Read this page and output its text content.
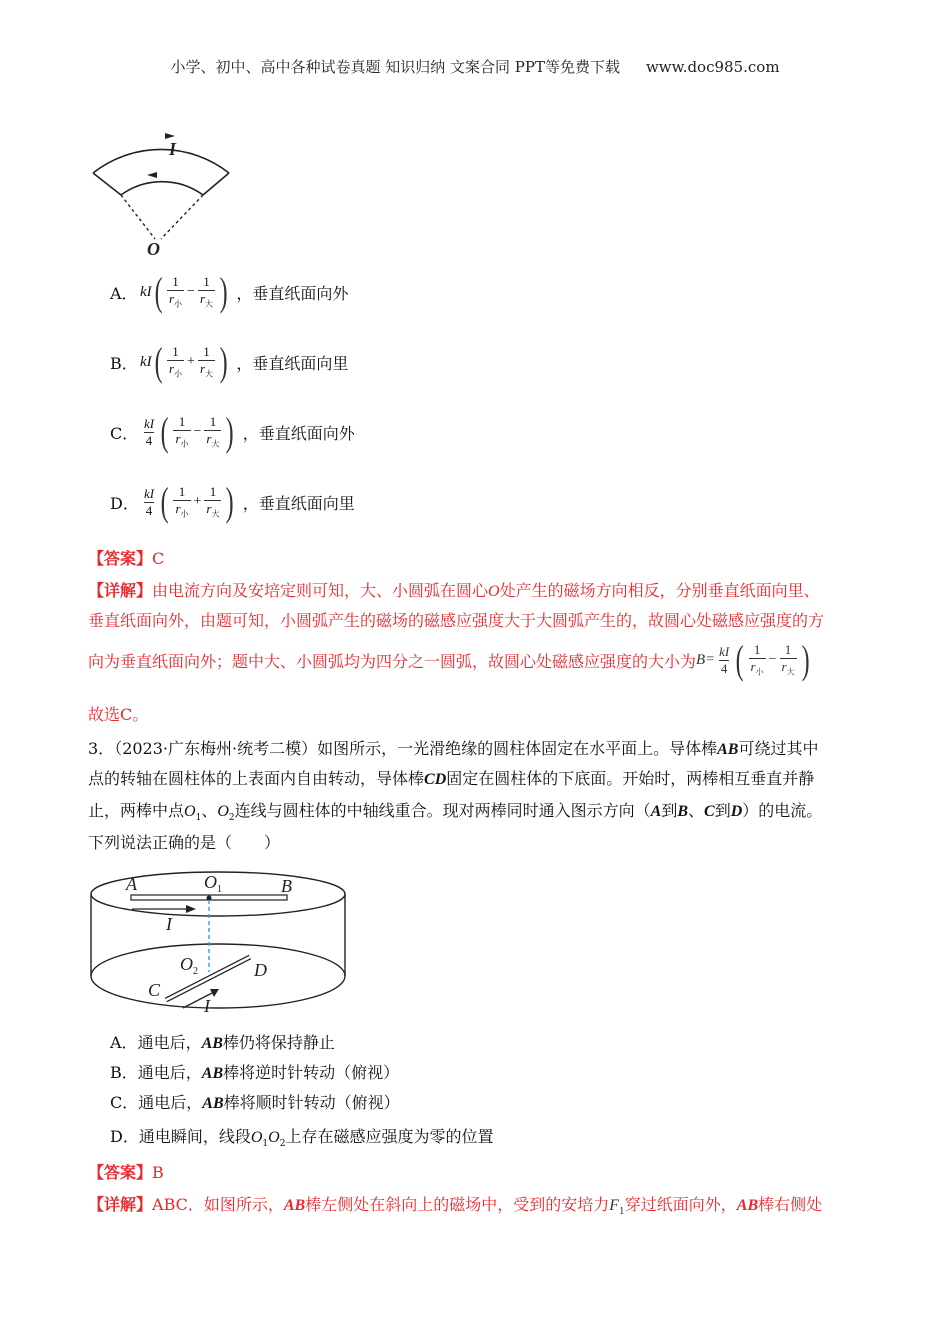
小学、初中、高中各种试卷真题 知识归纳 文案合同 PPT等免费下载 www.doc985.com
I
O
A． kI ( $\frac{1}{r_小} - \frac{1}{r_大}$ ) ，垂直纸面向外
B． kI ( $\frac{1}{r_小} + \frac{1}{r_大}$ ) ，垂直纸面向里
C． $\frac{kI}{4}$ ( $\frac{1}{r_小} - \frac{1}{r_大}$ ) ，垂直纸面向外
D． $\frac{kI}{4}$ ( $\frac{1}{r_小} + \frac{1}{r_大}$ ) ，垂直纸面向里
【答案】C
【详解】由电流方向及安培定则可知，大、小圆弧在圆心O处产生的磁场方向相反，分别垂直纸面向里、
垂直纸面向外，由题可知，小圆弧产生的磁场的磁感应强度大于大圆弧产生的，故圆心处磁感应强度的方
向为垂直纸面向外；题中大、小圆弧均为四分之一圆弧，故圆心处磁感应强度的大小为 $B = \frac{kI}{4}$ ( $\frac{1}{r_小} - \frac{1}{r_大}$ )
故选C。
3．（2023·广东梅州·统考二模）如图所示，一光滑绝缘的圆柱体固定在水平面上。导体棒AB可绕过其中
点的转轴在圆柱体的上表面内自由转动，导体棒CD固定在圆柱体的下底面。开始时，两棒相互垂直并静
止，两棒中点$O_1$、$O_2$连线与圆柱体的中轴线重合。现对两棒同时通入图示方向（A到B、C到D）的电流。
下列说法正确的是（　　）
A	B
$O_1$
I
$O_2$	D
C
I
A．通电后，AB棒仍将保持静止
B．通电后，AB棒将逆时针转动（俯视）
C．通电后，AB棒将顺时针转动（俯视）
D．通电瞬间，线段$O_1O_2$上存在磁感应强度为零的位置
【答案】B
【详解】ABC．如图所示，AB棒左侧处在斜向上的磁场中，受到的安培力$F_1$穿过纸面向外，AB棒右侧处
